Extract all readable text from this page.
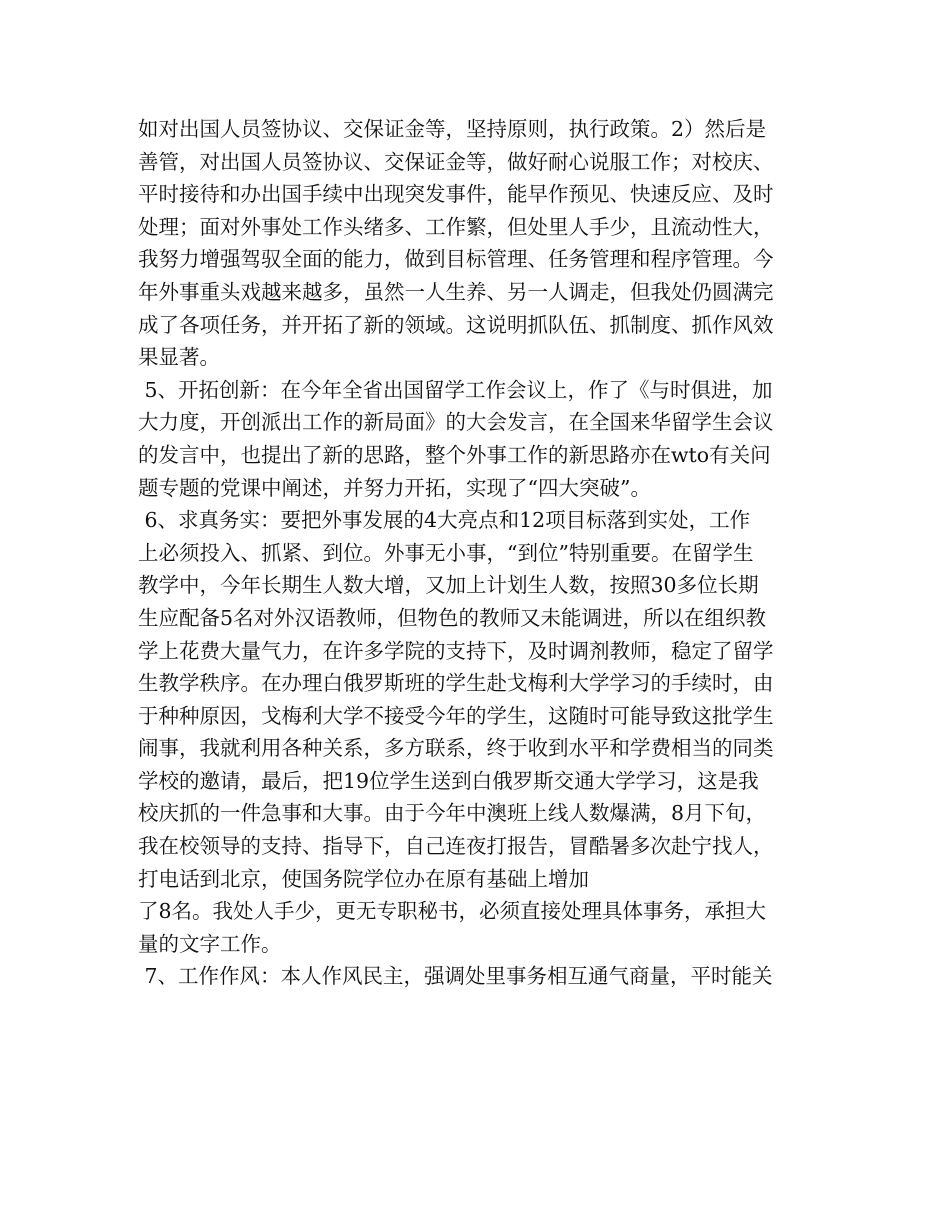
如对出国人员签协议、交保证金等，坚持原则，执行政策。2）然后是
善管，对出国人员签协议、交保证金等，做好耐心说服工作；对校庆、
平时接待和办出国手续中出现突发事件，能早作预见、快速反应、及时
处理；面对外事处工作头绪多、工作繁，但处里人手少，且流动性大，
我努力增强驾驭全面的能力，做到目标管理、任务管理和程序管理。今
年外事重头戏越来越多，虽然一人生养、另一人调走，但我处仍圆满完
成了各项任务，并开拓了新的领域。这说明抓队伍、抓制度、抓作风效
果显著。
5、开拓创新：在今年全省出国留学工作会议上，作了《与时俱进，加
大力度，开创派出工作的新局面》的大会发言，在全国来华留学生会议
的发言中，也提出了新的思路，整个外事工作的新思路亦在wto有关问
题专题的党课中阐述，并努力开拓，实现了“四大突破”。
6、求真务实：要把外事发展的4大亮点和12项目标落到实处，工作
上必须投入、抓紧、到位。外事无小事，“到位”特别重要。在留学生
教学中，今年长期生人数大增，又加上计划生人数，按照30多位长期
生应配备5名对外汉语教师，但物色的教师又未能调进，所以在组织教
学上花费大量气力，在许多学院的支持下，及时调剂教师，稳定了留学
生教学秩序。在办理白俄罗斯班的学生赴戈梅利大学学习的手续时，由
于种种原因，戈梅利大学不接受今年的学生，这随时可能导致这批学生
闹事，我就利用各种关系，多方联系，终于收到水平和学费相当的同类
学校的邀请，最后，把19位学生送到白俄罗斯交通大学学习，这是我
校庆抓的一件急事和大事。由于今年中澳班上线人数爆满，8月下旬，
我在校领导的支持、指导下，自己连夜打报告，冒酷暑多次赴宁找人，
打电话到北京，使国务院学位办在原有基础上增加
了8名。我处人手少，更无专职秘书，必须直接处理具体事务，承担大
量的文字工作。
7、工作作风：本人作风民主，强调处里事务相互通气商量，平时能关
